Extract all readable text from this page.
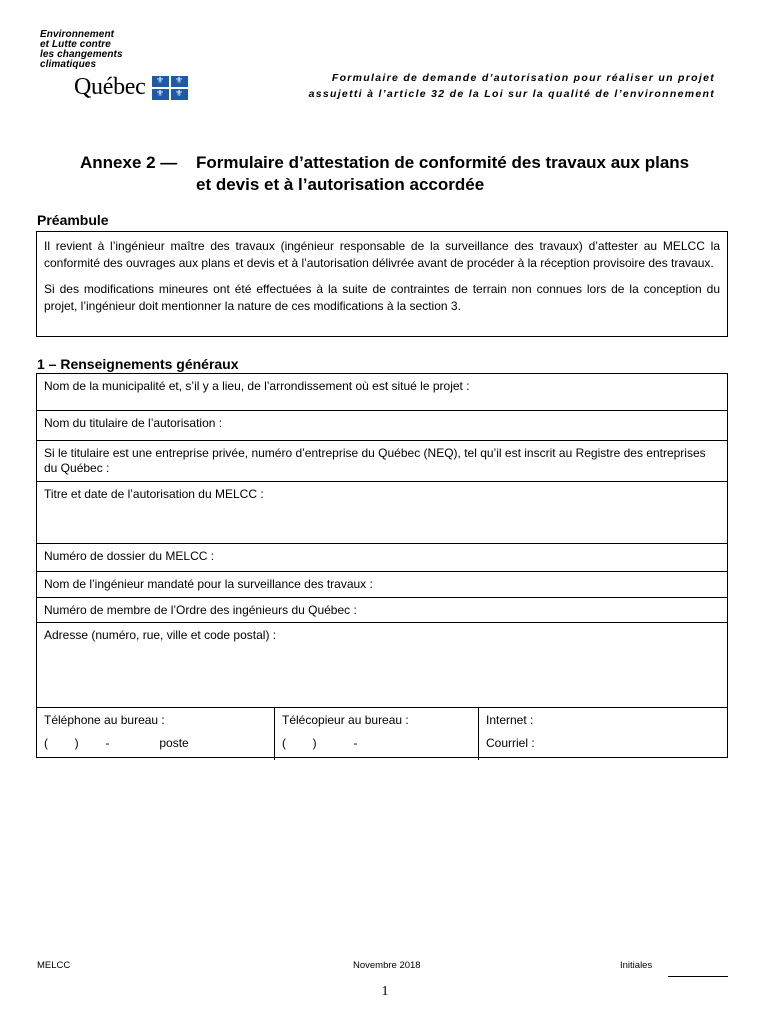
Environnement
et Lutte contre
les changements
climatiques
Québec	⚜	⚜
⚜	⚜
Formulaire de demande d’autorisation pour réaliser un projet
assujetti à l’article 32 de la Loi sur la qualité de l’environnement
Annexe 2 —	Formulaire d’attestation de conformité des travaux aux plans et devis et à l’autorisation accordée
Préambule

Il revient à l’ingénieur maître des travaux (ingénieur responsable de la surveillance des travaux) d’attester au MELCC la conformité des ouvrages aux plans et devis et à l’autorisation délivrée avant de procéder à la réception provisoire des travaux.

Si des modifications mineures ont été effectuées à la suite de contraintes de terrain non connues lors de la conception du projet, l’ingénieur doit mentionner la nature de ces modifications à la section 3.

1 – Renseignements généraux
Nom de la municipalité et, s’il y a lieu, de l’arrondissement où est situé le projet :
Nom du titulaire de l’autorisation :
Si le titulaire est une entreprise privée, numéro d’entreprise du Québec (NEQ), tel qu’il est inscrit au Registre des entreprises du Québec :
Titre et date de l’autorisation du MELCC :
Numéro de dossier du MELCC :
Nom de l’ingénieur mandaté pour la surveillance des travaux :
Numéro de membre de l’Ordre des ingénieurs du Québec :
Adresse (numéro, rue, ville et code postal) :
Téléphone au bureau :
(        )        -               poste
Télécopieur au bureau :
(        )           -
Internet :
Courriel :
MELCC	Novembre 2018	Initiales
1
